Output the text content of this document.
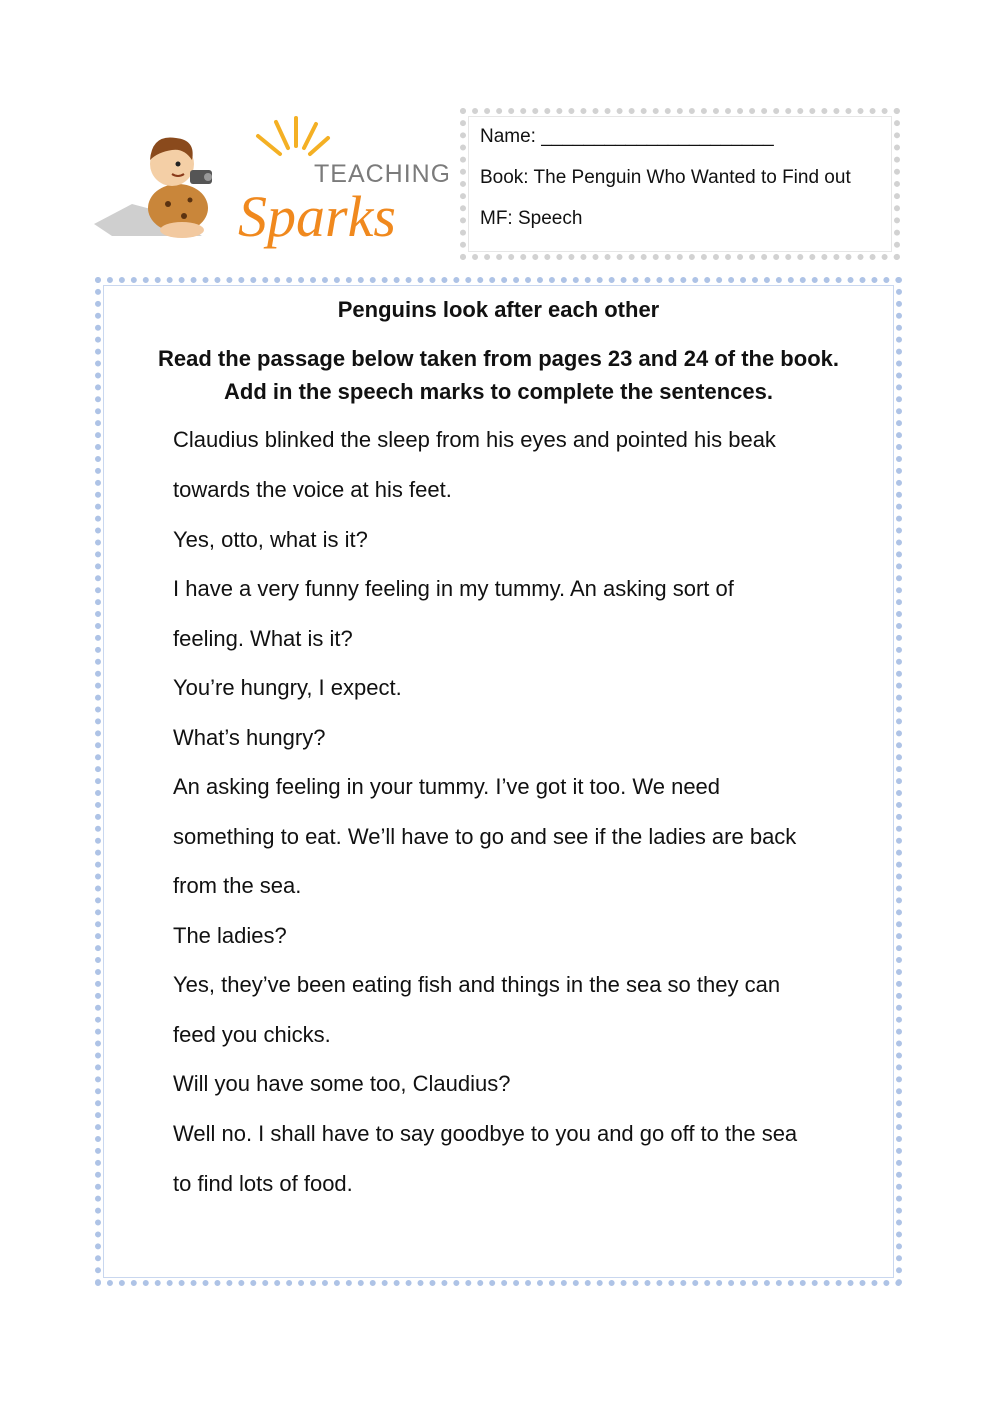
TEACHING
Sparks
Name: ______________________
Book: The Penguin Who Wanted to Find out
MF: Speech
Penguins look after each other
Read the passage below taken from pages 23 and 24 of the book.
Add in the speech marks to complete the sentences.
Claudius blinked the sleep from his eyes and pointed his beak
towards the voice at his feet.
Yes, otto, what is it?
I have a very funny feeling in my tummy. An asking sort of
feeling. What is it?
You’re hungry, I expect.
What’s hungry?
An asking feeling in your tummy. I’ve got it too. We need
something to eat. We’ll have to go and see if the ladies are back
from the sea.
The ladies?
Yes, they’ve been eating fish and things in the sea so they can
feed you chicks.
Will you have some too, Claudius?
Well no. I shall have to say goodbye to you and go off to the sea
to find lots of food.
